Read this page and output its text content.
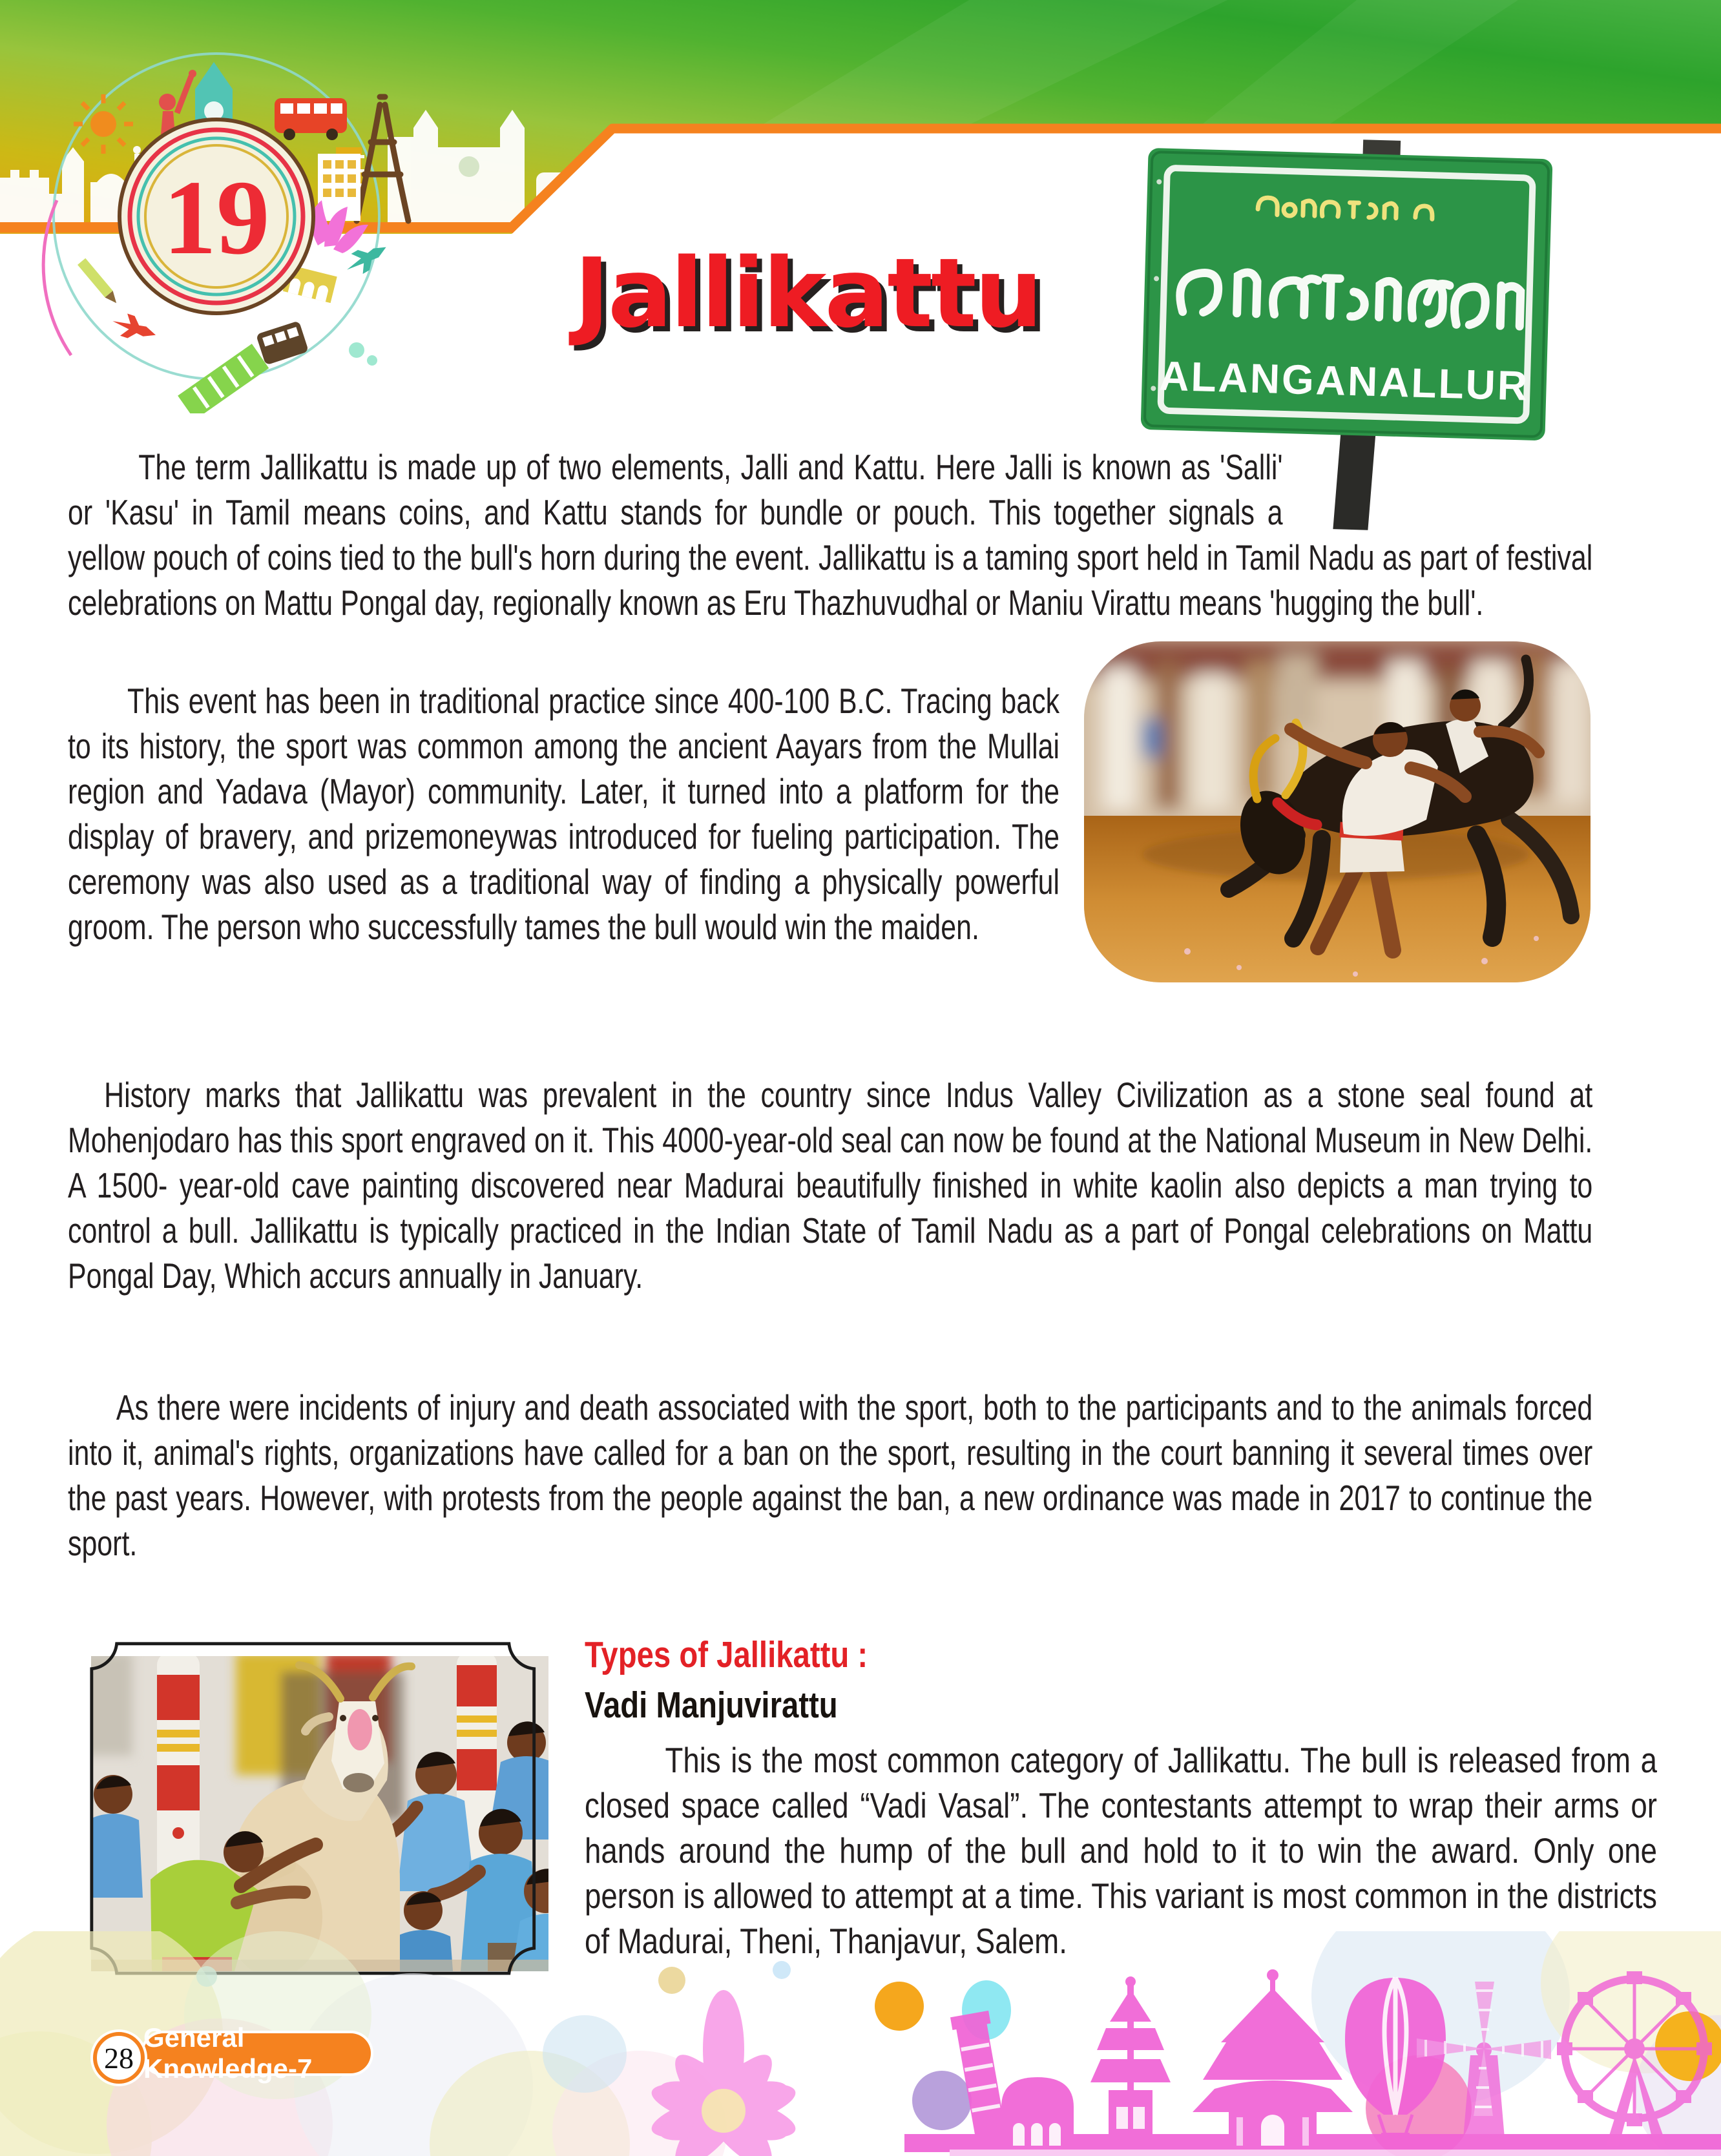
19
Jallikattu
ALANGANALLUR
The term Jallikattu is made up of two elements, Jalli and Kattu. Here Jalli is known as 'Salli' or 'Kasu' in Tamil means coins, and Kattu stands for bundle or pouch. This together signals a yellow pouch of coins tied to the bull's horn during the event. Jallikattu is a taming sport held in Tamil Nadu as part of festival celebrations on Mattu Pongal day, regionally known as Eru Thazhuvudhal or Maniu Virattu means 'hugging the bull'.
This event has been in traditional practice since 400-100 B.C. Tracing back to its history, the sport was common among the ancient Aayars from the Mullai region and Yadava (Mayor) community. Later, it turned into a platform for the display of bravery, and prizemoneywas introduced for fueling participation. The ceremony was also used as a traditional way of finding a physically powerful groom. The person who successfully tames the bull would win the maiden.
History marks that Jallikattu was prevalent in the country since Indus Valley Civilization as a stone seal found at Mohenjodaro has this sport engraved on it. This 4000-year-old seal can now be found at the National Museum in New Delhi. A 1500- year-old cave painting discovered near Madurai beautifully finished in white kaolin also depicts a man trying to control a bull. Jallikattu is typically practiced in the Indian State of Tamil Nadu as a part of Pongal celebrations on Mattu Pongal Day, Which accurs annually in January.
As there were incidents of injury and death associated with the sport, both to the participants and to the animals forced into it, animal's rights, organizations have called for a ban on the sport, resulting in the court banning it several times over the past years. However, with protests from the people against the ban, a new ordinance was made in 2017 to continue the sport.
Types of Jallikattu :
Vadi Manjuvirattu
This is the most common category of Jallikattu. The bull is released from a closed space called “Vadi Vasal”. The contestants attempt to wrap their arms or hands around the hump of the bull and hold to it to win the award. Only one person is allowed to attempt at a time. This variant is most common in the districts of Madurai, Theni, Thanjavur, Salem.
28
General Knowledge-7
